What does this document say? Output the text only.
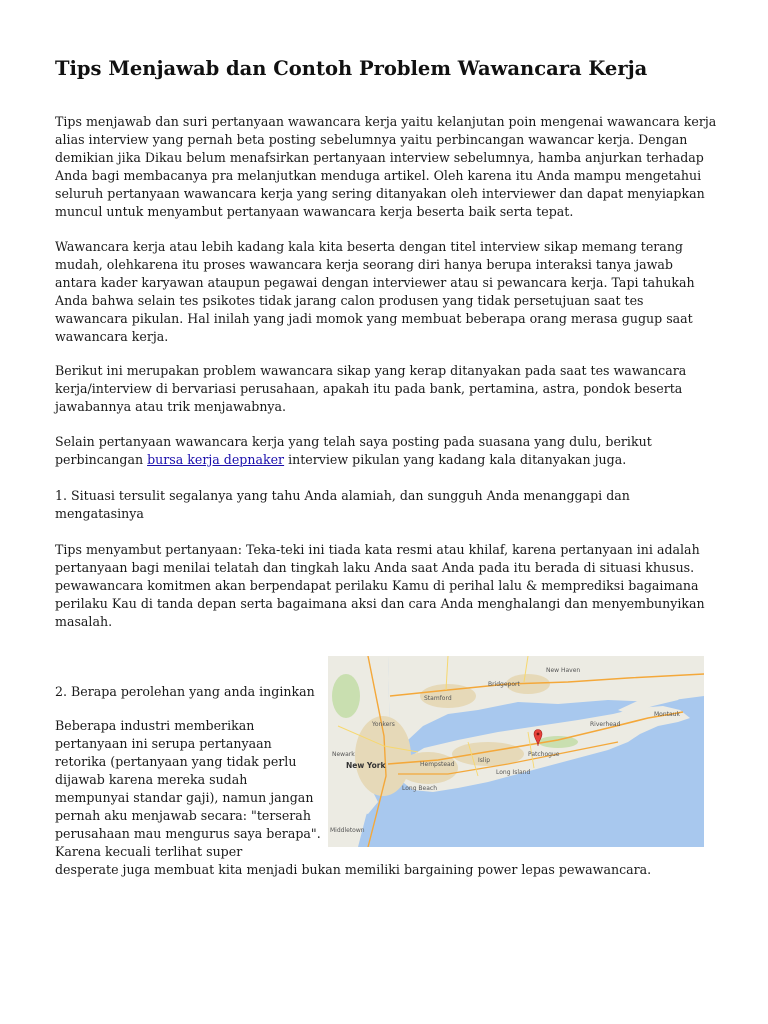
Tips Menjawab dan Contoh Problem Wawancara Kerja

Tips menjawab dan suri pertanyaan wawancara kerja yaitu kelanjutan poin mengenai wawancara kerja alias interview yang pernah beta posting sebelumnya yaitu perbincangan wawancar kerja. Dengan demikian jika Dikau belum menafsirkan pertanyaan interview sebelumnya, hamba anjurkan terhadap Anda bagi membacanya pra melanjutkan menduga artikel. Oleh karena itu Anda mampu mengetahui seluruh pertanyaan wawancara kerja yang sering ditanyakan oleh interviewer dan dapat menyiapkan muncul untuk menyambut pertanyaan wawancara kerja beserta baik serta tepat.

Wawancara kerja atau lebih kadang kala kita beserta dengan titel interview sikap memang terang mudah, olehkarena itu proses wawancara kerja seorang diri hanya berupa interaksi tanya jawab antara kader karyawan ataupun pegawai dengan interviewer atau si pewancara kerja. Tapi tahukah Anda bahwa selain tes psikotes tidak jarang calon produsen yang tidak persetujuan saat tes wawancara pikulan. Hal inilah yang jadi momok yang membuat beberapa orang merasa gugup saat wawancara kerja.

Berikut ini merupakan problem wawancara sikap yang kerap ditanyakan pada saat tes wawancara kerja/interview di bervariasi perusahaan, apakah itu pada bank, pertamina, astra, pondok beserta jawabannya atau trik menjawabnya.

Selain pertanyaan wawancara kerja yang telah saya posting pada suasana yang dulu, berikut perbincangan bursa kerja depnaker interview pikulan yang kadang kala ditanyakan juga.

1. Situasi tersulit segalanya yang tahu Anda alamiah, dan sungguh Anda menanggapi dan mengatasinya

Tips menyambut pertanyaan: Teka-teki ini tiada kata resmi atau khilaf, karena pertanyaan ini adalah pertanyaan bagi menilai telatah dan tingkah laku Anda saat Anda pada itu berada di situasi khusus. pewawancara komitmen akan berpendapat perilaku Kamu di perihal lalu & memprediksi bagaimana perilaku Kau di tanda depan serta bagaimana aksi dan cara Anda menghalangi dan menyembunyikan masalah.

2. Berapa perolehan yang anda inginkan

Beberapa industri memberikan pertanyaan ini serupa pertanyaan retorika (pertanyaan yang tidak perlu dijawab karena mereka sudah mempunyai standar gaji), namun jangan pernah aku menjawab secara: "terserah perusahaan mau mengurus saya berapa". Karena kecuali terlihat super

desperate juga membuat kita menjadi bukan memiliki bargaining power lepas pewawancara.

Stamford
Bridgeport
New Haven
Yonkers
Newark
New York	Hempstead
Long Beach
Islip
Long Island
Patchogue
Riverhead
Montauk
Middletown
